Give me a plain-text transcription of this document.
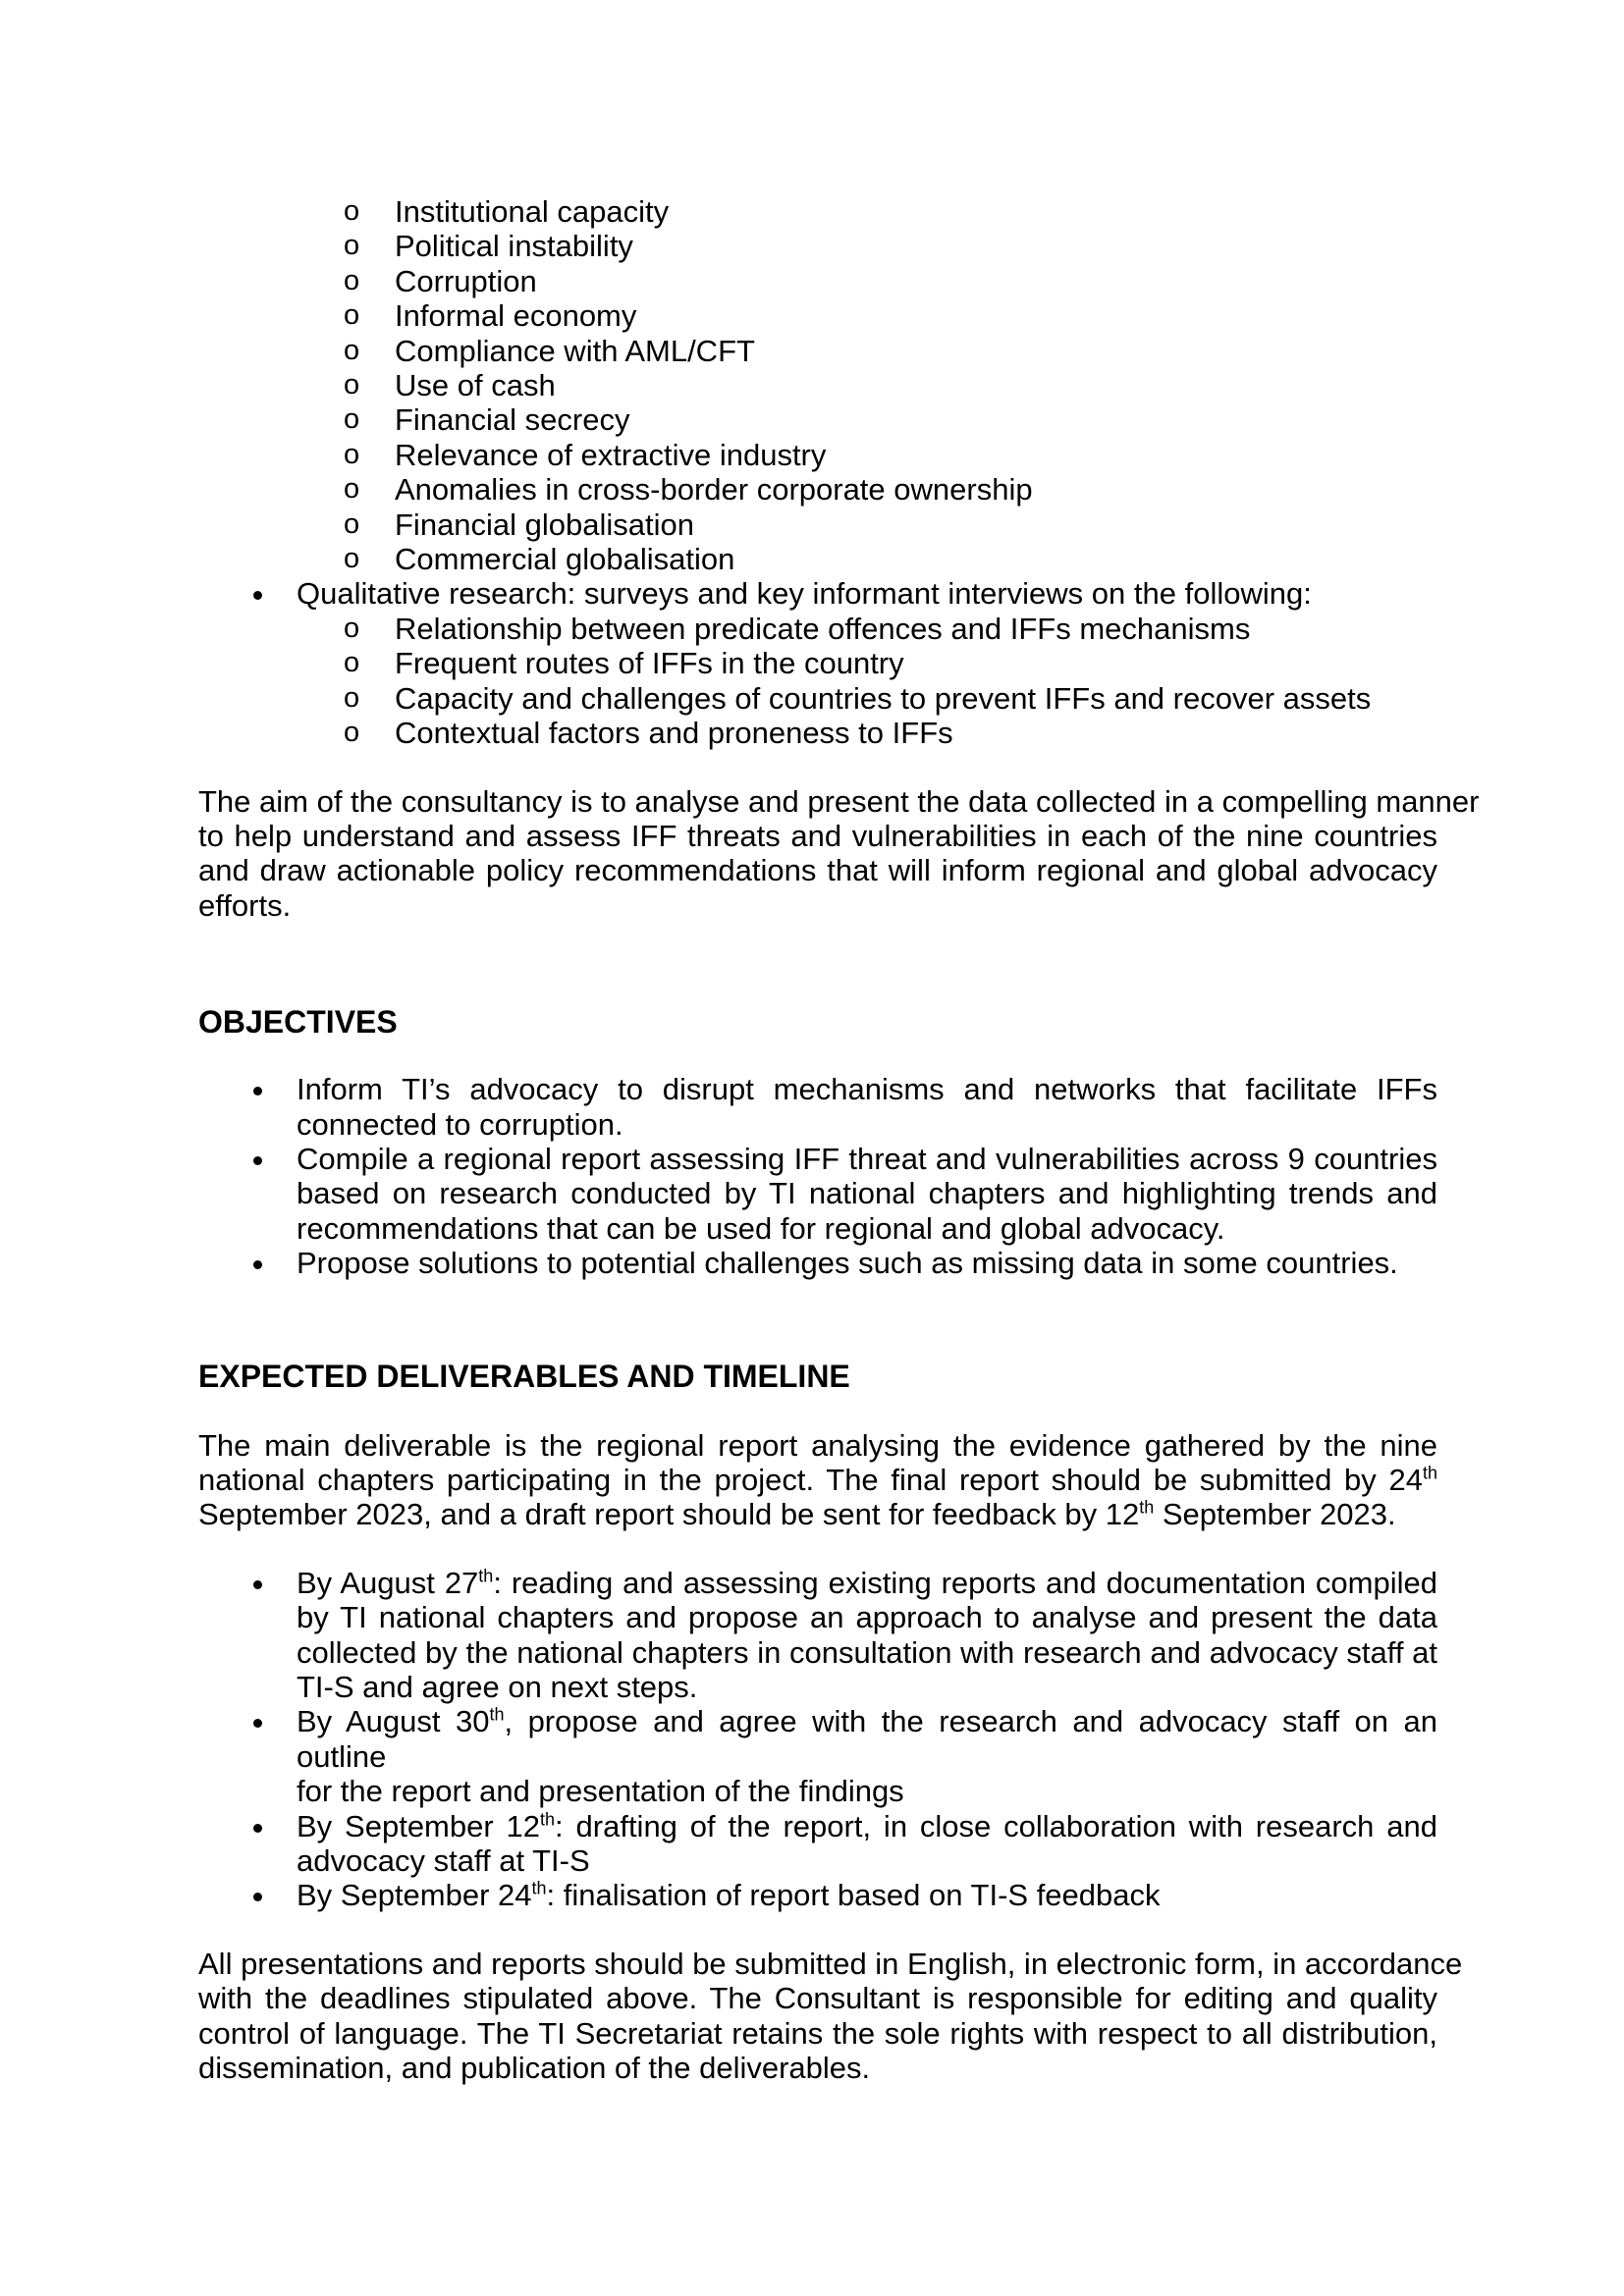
o Institutional capacity
o Political instability
o Corruption
o Informal economy
o Compliance with AML/CFT
o Use of cash
o Financial secrecy
o Relevance of extractive industry
o Anomalies in cross-border corporate ownership
o Financial globalisation
o Commercial globalisation
Qualitative research: surveys and key informant interviews on the following:
o Relationship between predicate offences and IFFs mechanisms
o Frequent routes of IFFs in the country
o Capacity and challenges of countries to prevent IFFs and recover assets
o Contextual factors and proneness to IFFs

The aim of the consultancy is to analyse and present the data collected in a compelling manner
to help understand and assess IFF threats and vulnerabilities in each of the nine countries
and draw actionable policy recommendations that will inform regional and global advocacy
efforts.

OBJECTIVES
Inform TI’s advocacy to disrupt mechanisms and networks that facilitate IFFs
connected to corruption.
Compile a regional report assessing IFF threat and vulnerabilities across 9 countries
based on research conducted by TI national chapters and highlighting trends and
recommendations that can be used for regional and global advocacy.
Propose solutions to potential challenges such as missing data in some countries.
EXPECTED DELIVERABLES AND TIMELINE

The main deliverable is the regional report analysing the evidence gathered by the nine
national chapters participating in the project. The final report should be submitted by 24th
September 2023, and a draft report should be sent for feedback by 12th September 2023.

By August 27th: reading and assessing existing reports and documentation compiled
by TI national chapters and propose an approach to analyse and present the data
collected by the national chapters in consultation with research and advocacy staff at
TI-S and agree on next steps.
By August 30th, propose and agree with the research and advocacy staff on an outline
for the report and presentation of the findings
By September 12th: drafting of the report, in close collaboration with research and
advocacy staff at TI-S
By September 24th: finalisation of report based on TI-S feedback

All presentations and reports should be submitted in English, in electronic form, in accordance
with the deadlines stipulated above. The Consultant is responsible for editing and quality
control of language. The TI Secretariat retains the sole rights with respect to all distribution,
dissemination, and publication of the deliverables.
